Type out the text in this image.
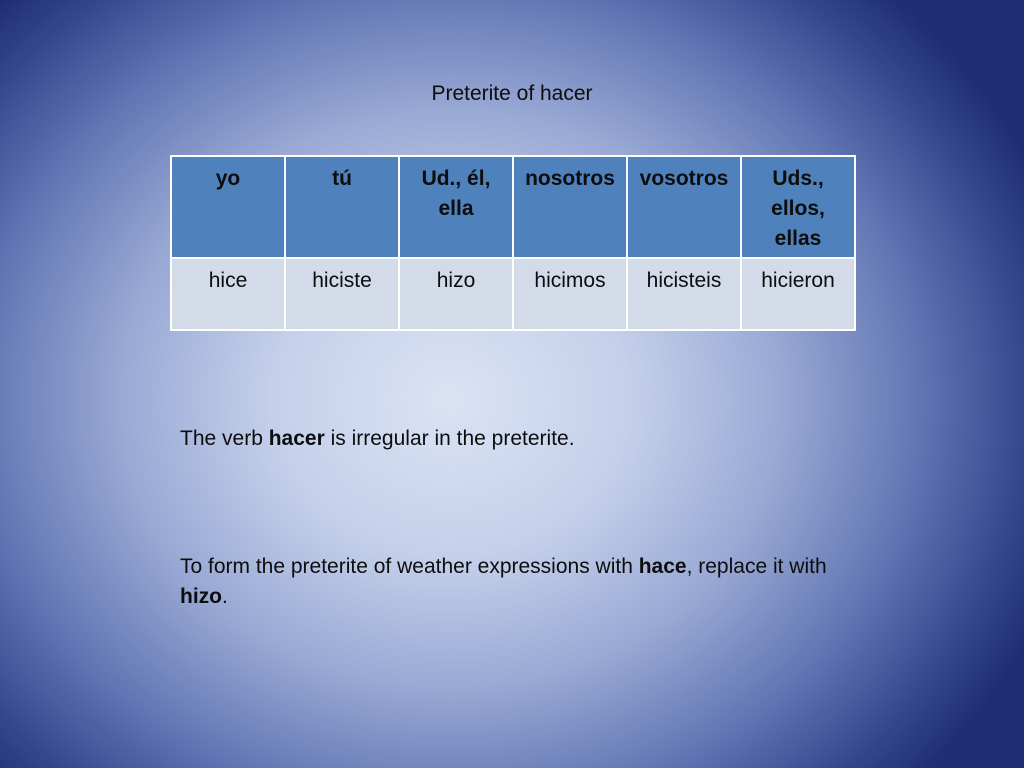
Preterite of hacer
yo	tú	Ud., él, ella	nosotros	vosotros	Uds., ellos, ellas
hice	hiciste	hizo	hicimos	hicisteis	hicieron
The verb hacer is irregular in the preterite.
To form the preterite of weather expressions with hace, replace it with hizo.
